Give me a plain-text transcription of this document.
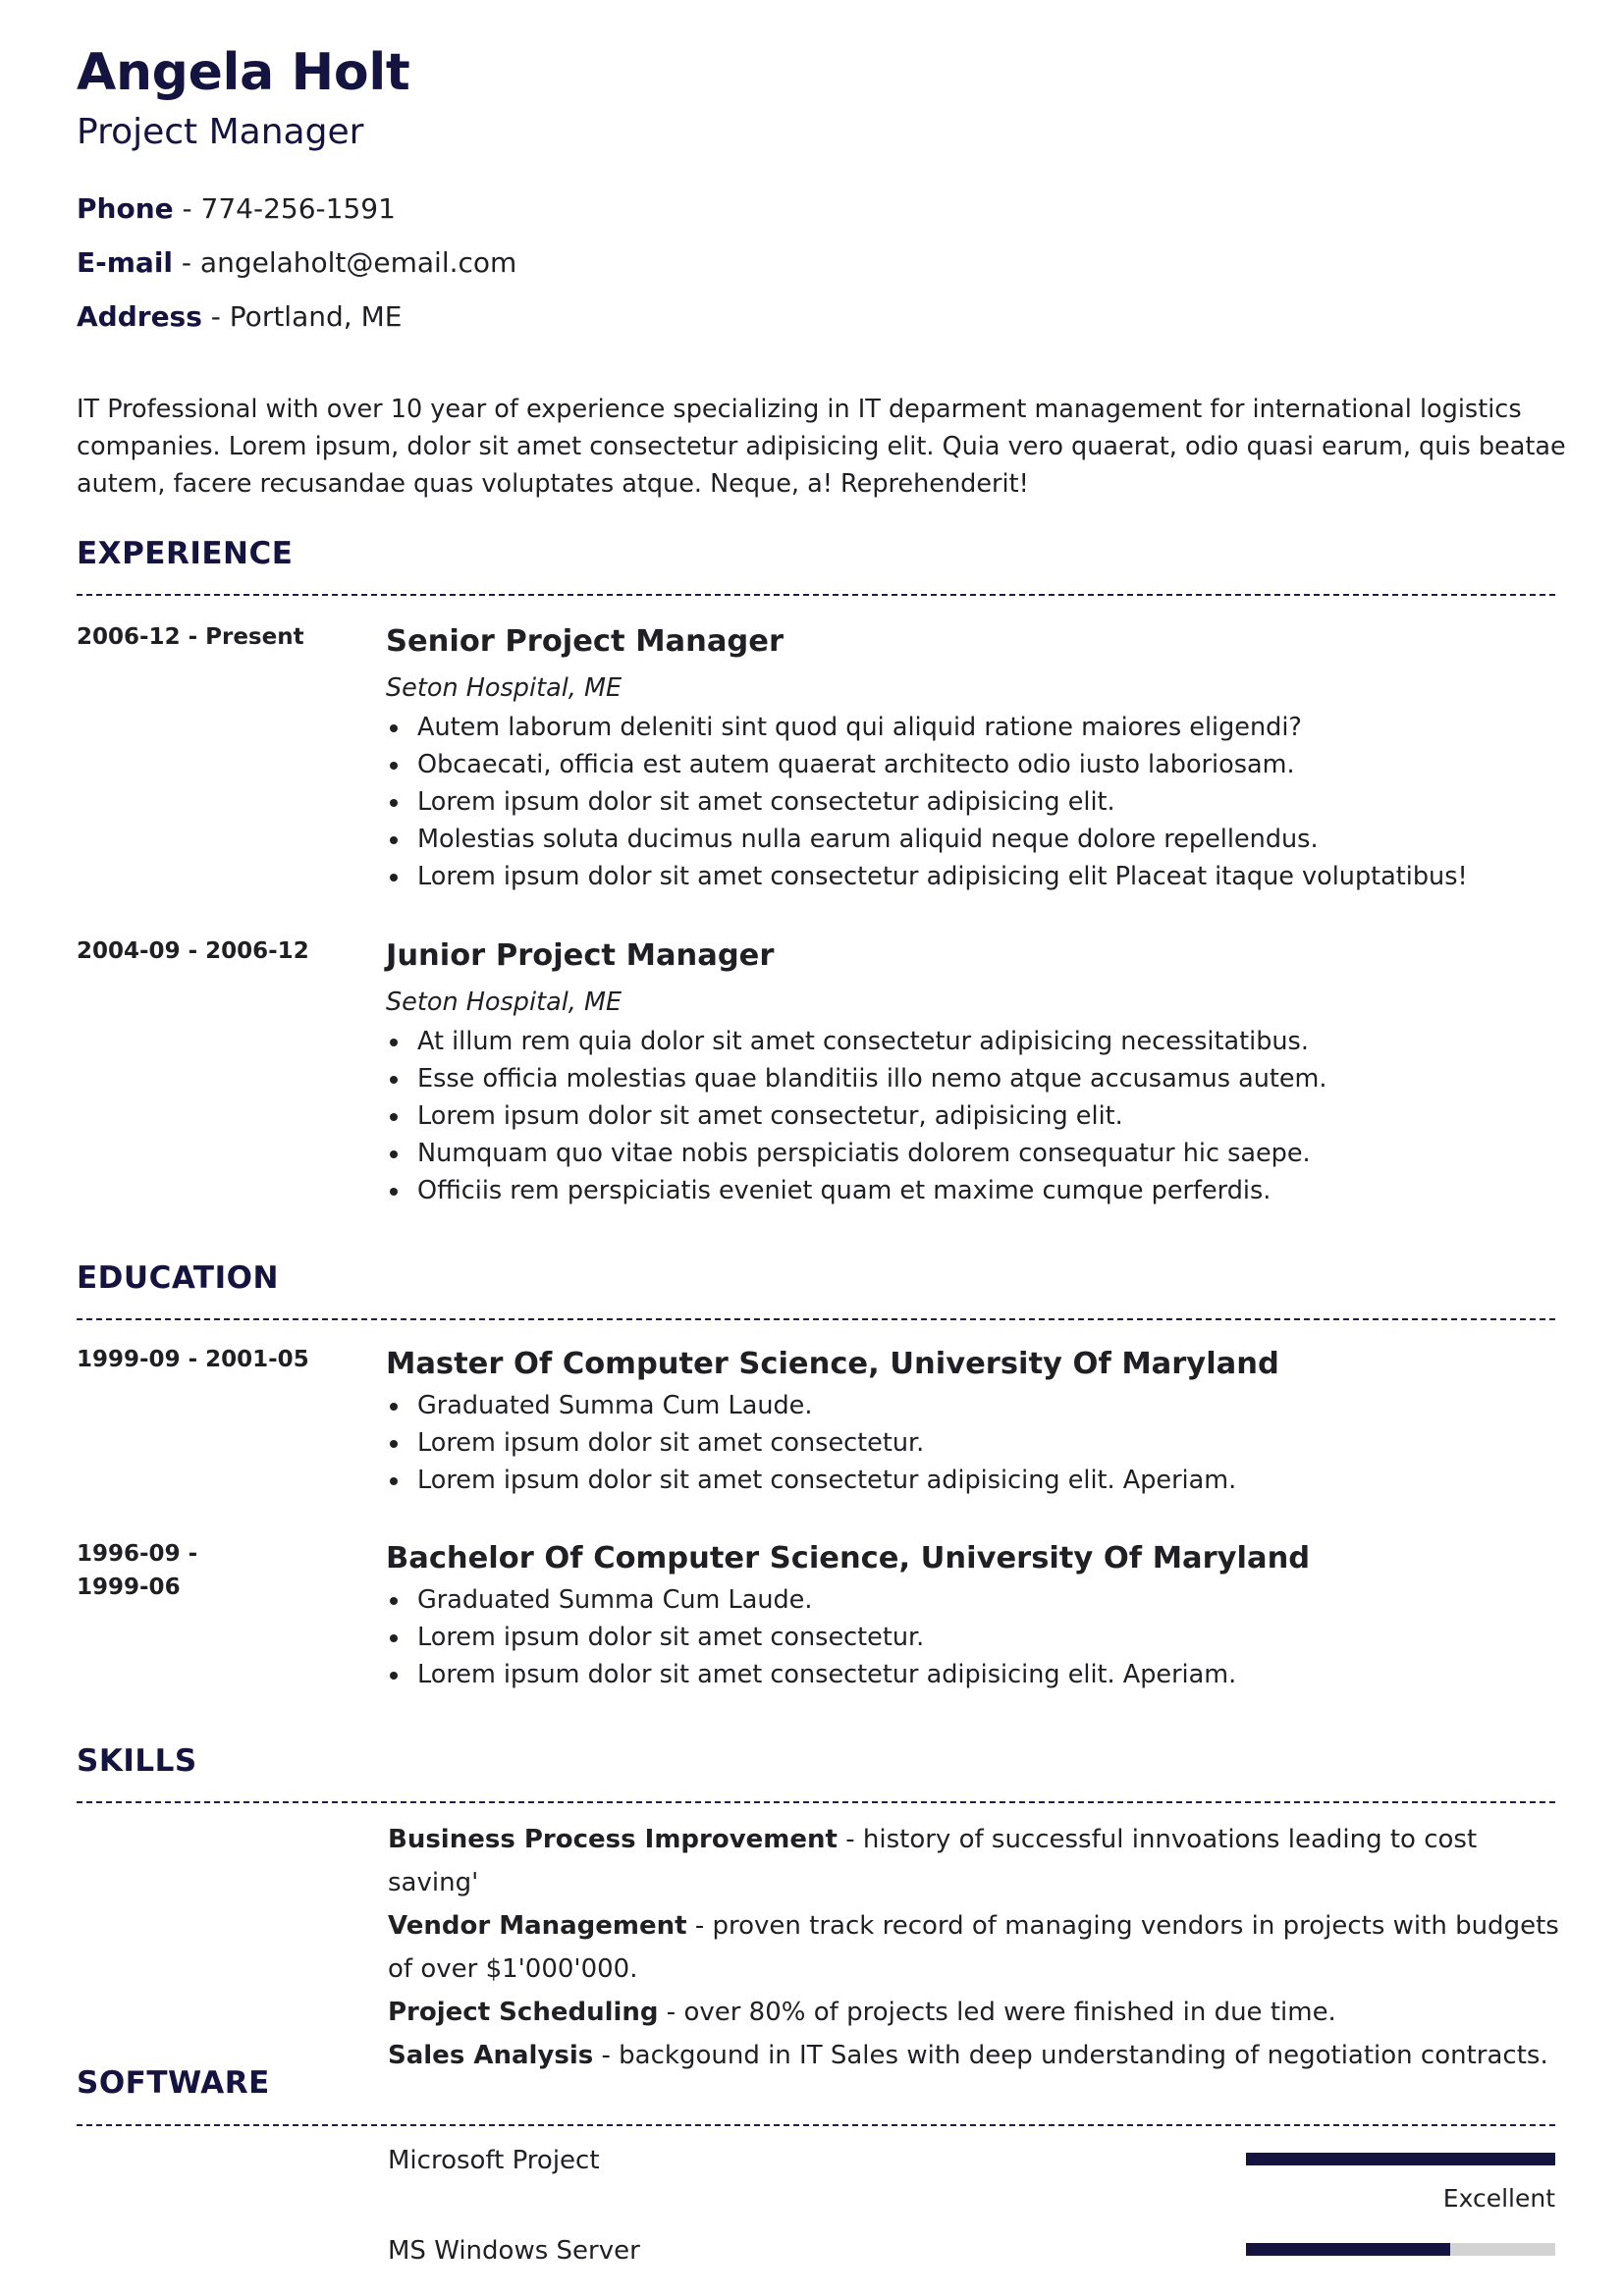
Angela Holt
Project Manager
Phone - 774-256-1591
E-mail - angelaholt@email.com
Address - Portland, ME
IT Professional with over 10 year of experience specializing in IT deparment management for international logistics companies. Lorem ipsum, dolor sit amet consectetur adipisicing elit. Quia vero quaerat, odio quasi earum, quis beatae autem, facere recusandae quas voluptates atque. Neque, a! Reprehenderit!
EXPERIENCE
2006-12 - Present	Senior Project Manager
Seton Hospital, ME
Autem laborum deleniti sint quod qui aliquid ratione maiores eligendi?
Obcaecati, officia est autem quaerat architecto odio iusto laboriosam.
Lorem ipsum dolor sit amet consectetur adipisicing elit.
Molestias soluta ducimus nulla earum aliquid neque dolore repellendus.
Lorem ipsum dolor sit amet consectetur adipisicing elit Placeat itaque voluptatibus!
2004-09 - 2006-12	Junior Project Manager
Seton Hospital, ME
At illum rem quia dolor sit amet consectetur adipisicing necessitatibus.
Esse officia molestias quae blanditiis illo nemo atque accusamus autem.
Lorem ipsum dolor sit amet consectetur, adipisicing elit.
Numquam quo vitae nobis perspiciatis dolorem consequatur hic saepe.
Officiis rem perspiciatis eveniet quam et maxime cumque perferdis.
EDUCATION
1999-09 - 2001-05	Master Of Computer Science, University Of Maryland
Graduated Summa Cum Laude.
Lorem ipsum dolor sit amet consectetur.
Lorem ipsum dolor sit amet consectetur adipisicing elit. Aperiam.
1996-09 -
1999-06
Bachelor Of Computer Science, University Of Maryland
Graduated Summa Cum Laude.
Lorem ipsum dolor sit amet consectetur.
Lorem ipsum dolor sit amet consectetur adipisicing elit. Aperiam.
SKILLS
Business Process Improvement - history of successful innvoations leading to cost saving'
Vendor Management - proven track record of managing vendors in projects with budgets of over $1'000'000.
Project Scheduling - over 80% of projects led were finished in due time.
Sales Analysis - backgound in IT Sales with deep understanding of negotiation contracts.
SOFTWARE
Microsoft Project
Excellent
MS Windows Server
